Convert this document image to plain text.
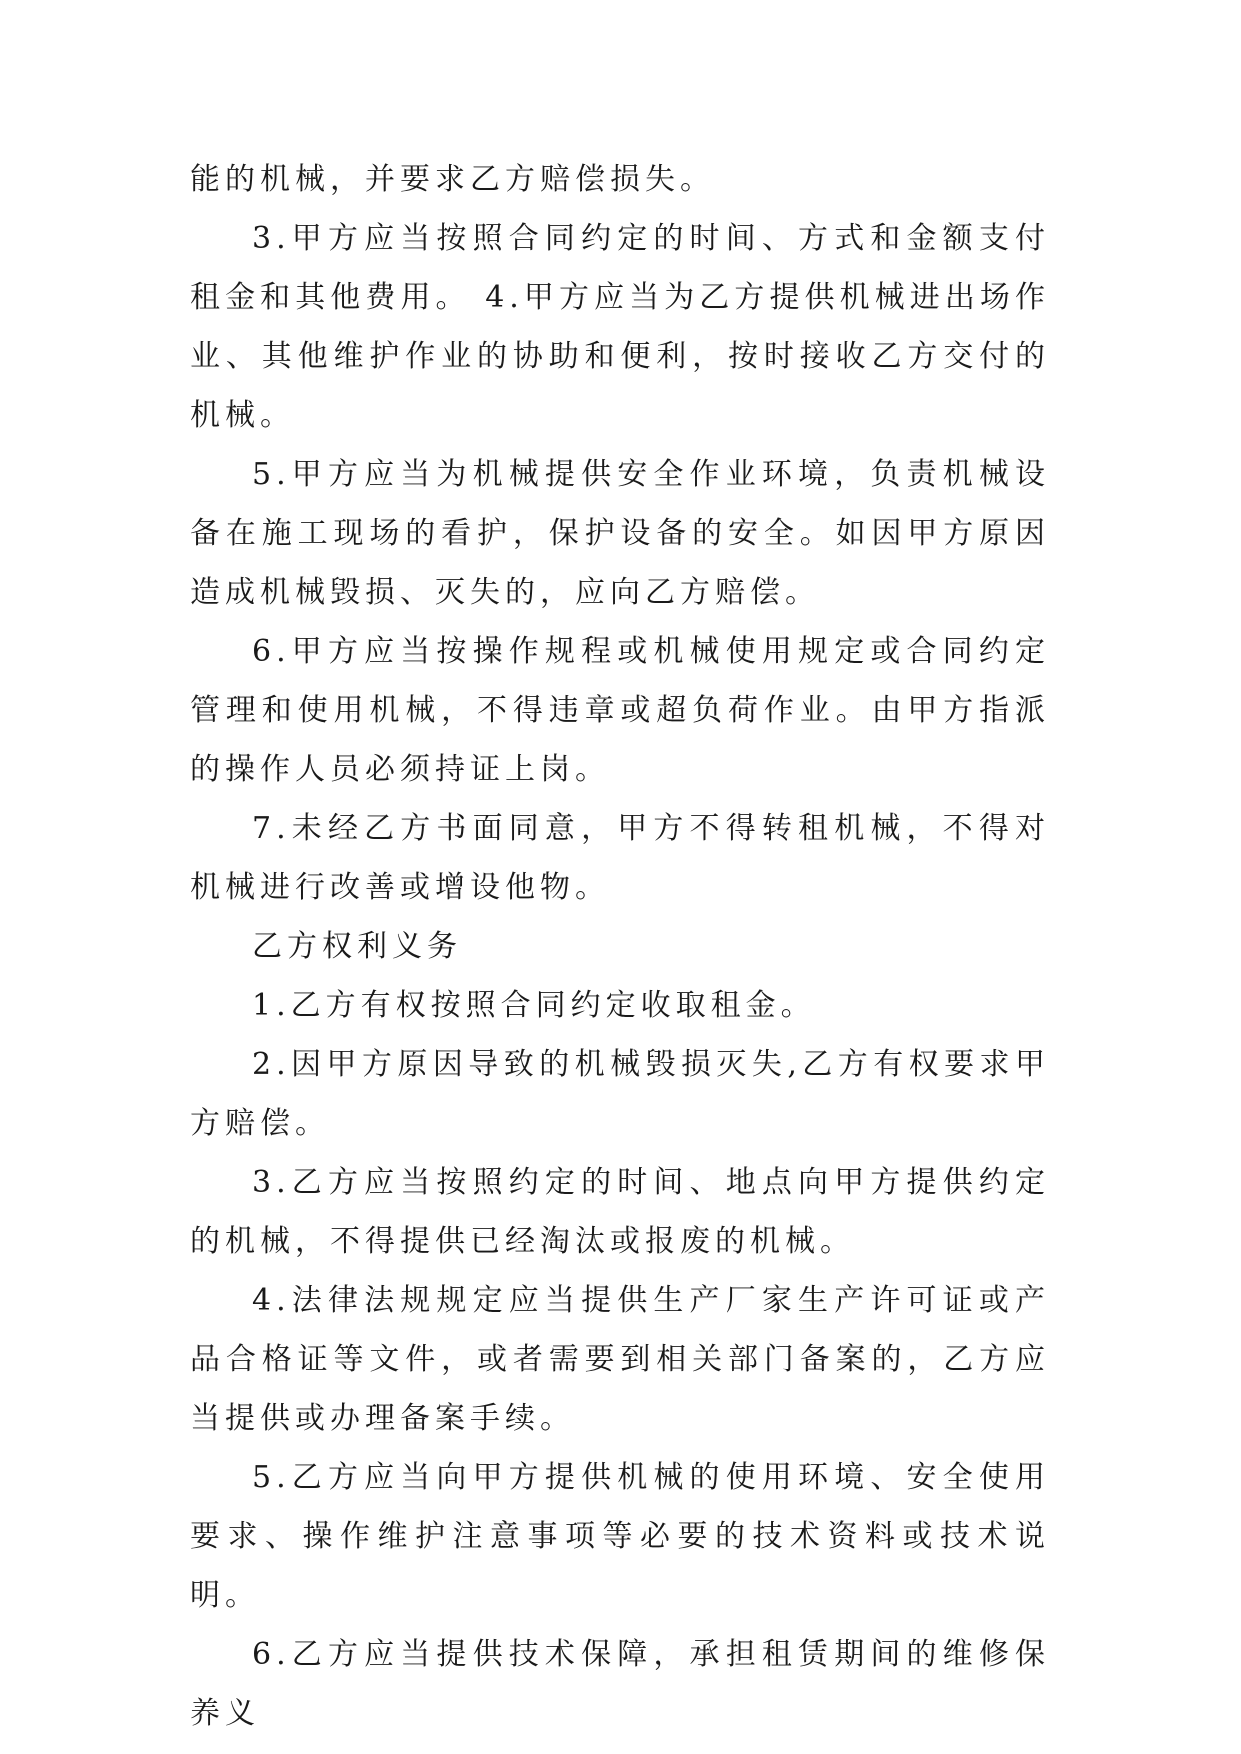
能的机械，并要求乙方赔偿损失。

3.甲方应当按照合同约定的时间、方式和金额支付租金和其他费用。 4.甲方应当为乙方提供机械进出场作业、其他维护作业的协助和便利，按时接收乙方交付的机械。

5.甲方应当为机械提供安全作业环境，负责机械设备在施工现场的看护，保护设备的安全。如因甲方原因造成机械毁损、灭失的，应向乙方赔偿。

6.甲方应当按操作规程或机械使用规定或合同约定管理和使用机械，不得违章或超负荷作业。由甲方指派的操作人员必须持证上岗。

7.未经乙方书面同意，甲方不得转租机械，不得对机械进行改善或增设他物。

乙方权利义务

1.乙方有权按照合同约定收取租金。

2.因甲方原因导致的机械毁损灭失,乙方有权要求甲方赔偿。

3.乙方应当按照约定的时间、地点向甲方提供约定的机械，不得提供已经淘汰或报废的机械。

4.法律法规规定应当提供生产厂家生产许可证或产品合格证等文件，或者需要到相关部门备案的，乙方应当提供或办理备案手续。

5.乙方应当向甲方提供机械的使用环境、安全使用要求、操作维护注意事项等必要的技术资料或技术说明。

6.乙方应当提供技术保障，承担租赁期间的维修保养义
